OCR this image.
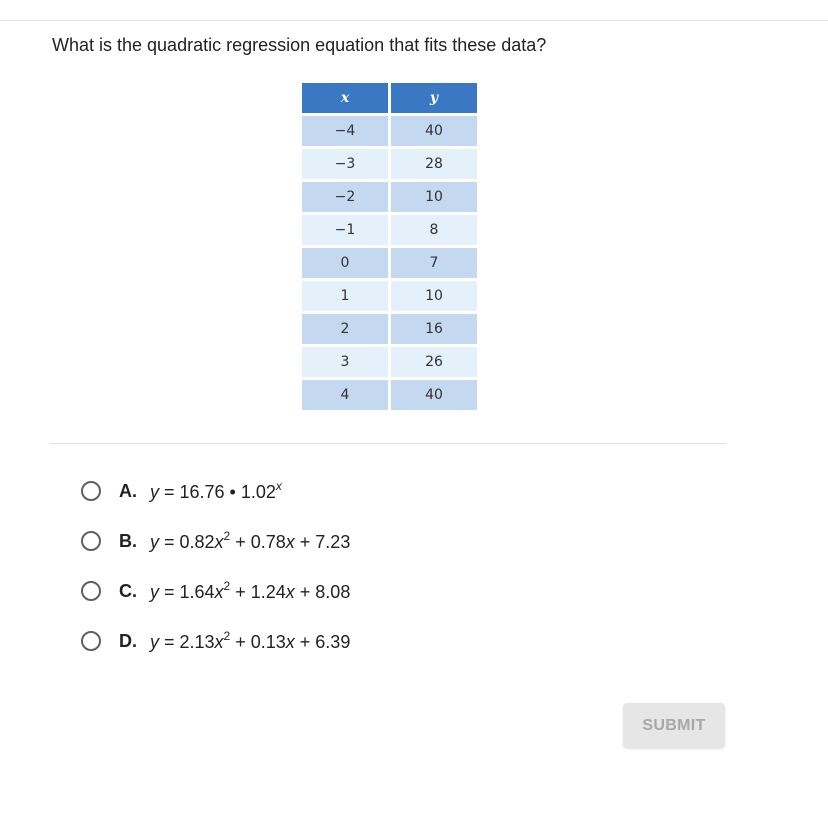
What is the quadratic regression equation that fits these data?
x	y
−4	40
−3	28
−2	10
−1	8
0	7
1	10
2	16
3	26
4	40
A. y = 16.76 • 1.02$^x$
B. $y = 0.82x^2 + 0.78x + 7.23$
C. $y = 1.64x^2 + 1.24x + 8.08$
D. $y = 2.13x^2 + 0.13x + 6.39$
SUBMIT
